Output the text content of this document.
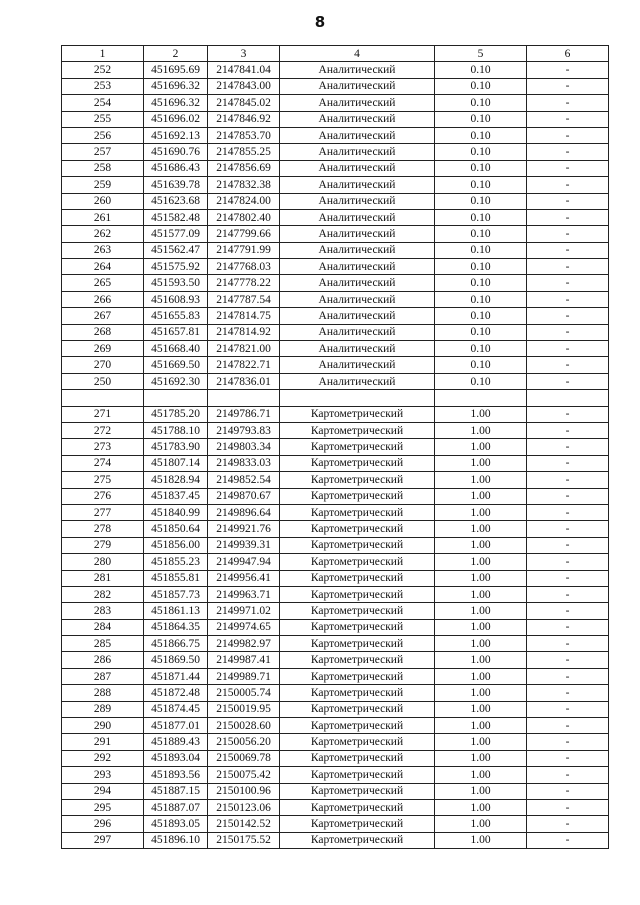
8
1	2	3	4	5	6
252	451695.69	2147841.04	Аналитический	0.10	-
253	451696.32	2147843.00	Аналитический	0.10	-
254	451696.32	2147845.02	Аналитический	0.10	-
255	451696.02	2147846.92	Аналитический	0.10	-
256	451692.13	2147853.70	Аналитический	0.10	-
257	451690.76	2147855.25	Аналитический	0.10	-
258	451686.43	2147856.69	Аналитический	0.10	-
259	451639.78	2147832.38	Аналитический	0.10	-
260	451623.68	2147824.00	Аналитический	0.10	-
261	451582.48	2147802.40	Аналитический	0.10	-
262	451577.09	2147799.66	Аналитический	0.10	-
263	451562.47	2147791.99	Аналитический	0.10	-
264	451575.92	2147768.03	Аналитический	0.10	-
265	451593.50	2147778.22	Аналитический	0.10	-
266	451608.93	2147787.54	Аналитический	0.10	-
267	451655.83	2147814.75	Аналитический	0.10	-
268	451657.81	2147814.92	Аналитический	0.10	-
269	451668.40	2147821.00	Аналитический	0.10	-
270	451669.50	2147822.71	Аналитический	0.10	-
250	451692.30	2147836.01	Аналитический	0.10	-

271	451785.20	2149786.71	Картометрический	1.00	-
272	451788.10	2149793.83	Картометрический	1.00	-
273	451783.90	2149803.34	Картометрический	1.00	-
274	451807.14	2149833.03	Картометрический	1.00	-
275	451828.94	2149852.54	Картометрический	1.00	-
276	451837.45	2149870.67	Картометрический	1.00	-
277	451840.99	2149896.64	Картометрический	1.00	-
278	451850.64	2149921.76	Картометрический	1.00	-
279	451856.00	2149939.31	Картометрический	1.00	-
280	451855.23	2149947.94	Картометрический	1.00	-
281	451855.81	2149956.41	Картометрический	1.00	-
282	451857.73	2149963.71	Картометрический	1.00	-
283	451861.13	2149971.02	Картометрический	1.00	-
284	451864.35	2149974.65	Картометрический	1.00	-
285	451866.75	2149982.97	Картометрический	1.00	-
286	451869.50	2149987.41	Картометрический	1.00	-
287	451871.44	2149989.71	Картометрический	1.00	-
288	451872.48	2150005.74	Картометрический	1.00	-
289	451874.45	2150019.95	Картометрический	1.00	-
290	451877.01	2150028.60	Картометрический	1.00	-
291	451889.43	2150056.20	Картометрический	1.00	-
292	451893.04	2150069.78	Картометрический	1.00	-
293	451893.56	2150075.42	Картометрический	1.00	-
294	451887.15	2150100.96	Картометрический	1.00	-
295	451887.07	2150123.06	Картометрический	1.00	-
296	451893.05	2150142.52	Картометрический	1.00	-
297	451896.10	2150175.52	Картометрический	1.00	-
